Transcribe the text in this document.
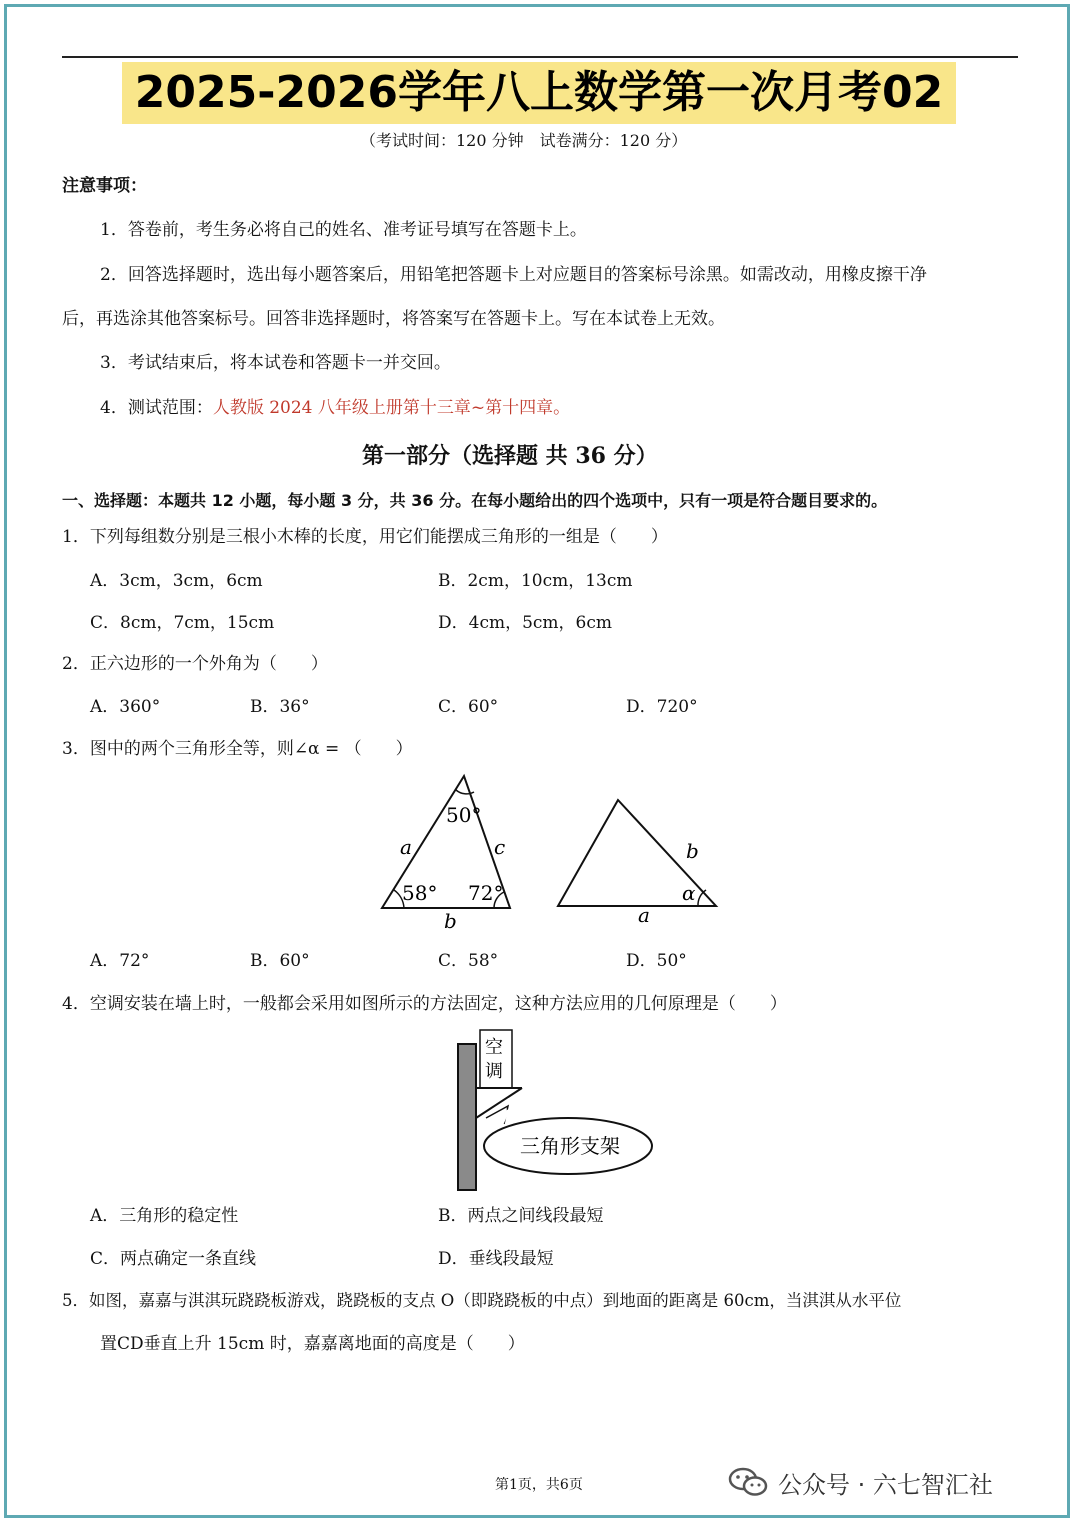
2025-2026学年八上数学第一次月考02
（考试时间：120 分钟　试卷满分：120 分）
注意事项：
1．答卷前，考生务必将自己的姓名、准考证号填写在答题卡上。
2．回答选择题时，选出每小题答案后，用铅笔把答题卡上对应题目的答案标号涂黑。如需改动，用橡皮擦干净
后，再选涂其他答案标号。回答非选择题时，将答案写在答题卡上。写在本试卷上无效。
3．考试结束后，将本试卷和答题卡一并交回。
4．测试范围：人教版 2024 八年级上册第十三章~第十四章。
第一部分（选择题 共 36 分）
一、选择题：本题共 12 小题，每小题 3 分，共 36 分。在每小题给出的四个选项中，只有一项是符合题目要求的。
1．下列每组数分别是三根小木棒的长度，用它们能摆成三角形的一组是（　　）
A．3cm，3cm，6cm	B．2cm，10cm，13cm
C．8cm，7cm，15cm	D．4cm，5cm，6cm
2．正六边形的一个外角为（　　）
A．360°	B．36°	C．60°	D．720°
3．图中的两个三角形全等，则∠α = （　　）
50°
58° 72°
a	c
b
b
a
α
A．72°	B．60°	C．58°	D．50°
4．空调安装在墙上时，一般都会采用如图所示的方法固定，这种方法应用的几何原理是（　　）
空
调
三角形支架
A．三角形的稳定性	B．两点之间线段最短
C．两点确定一条直线	D．垂线段最短
5．如图，嘉嘉与淇淇玩跷跷板游戏，跷跷板的支点 O（即跷跷板的中点）到地面的距离是 60cm，当淇淇从水平位
置CD垂直上升 15cm 时，嘉嘉离地面的高度是（　　）
第1页，共6页	公众号 · 六七智汇社
